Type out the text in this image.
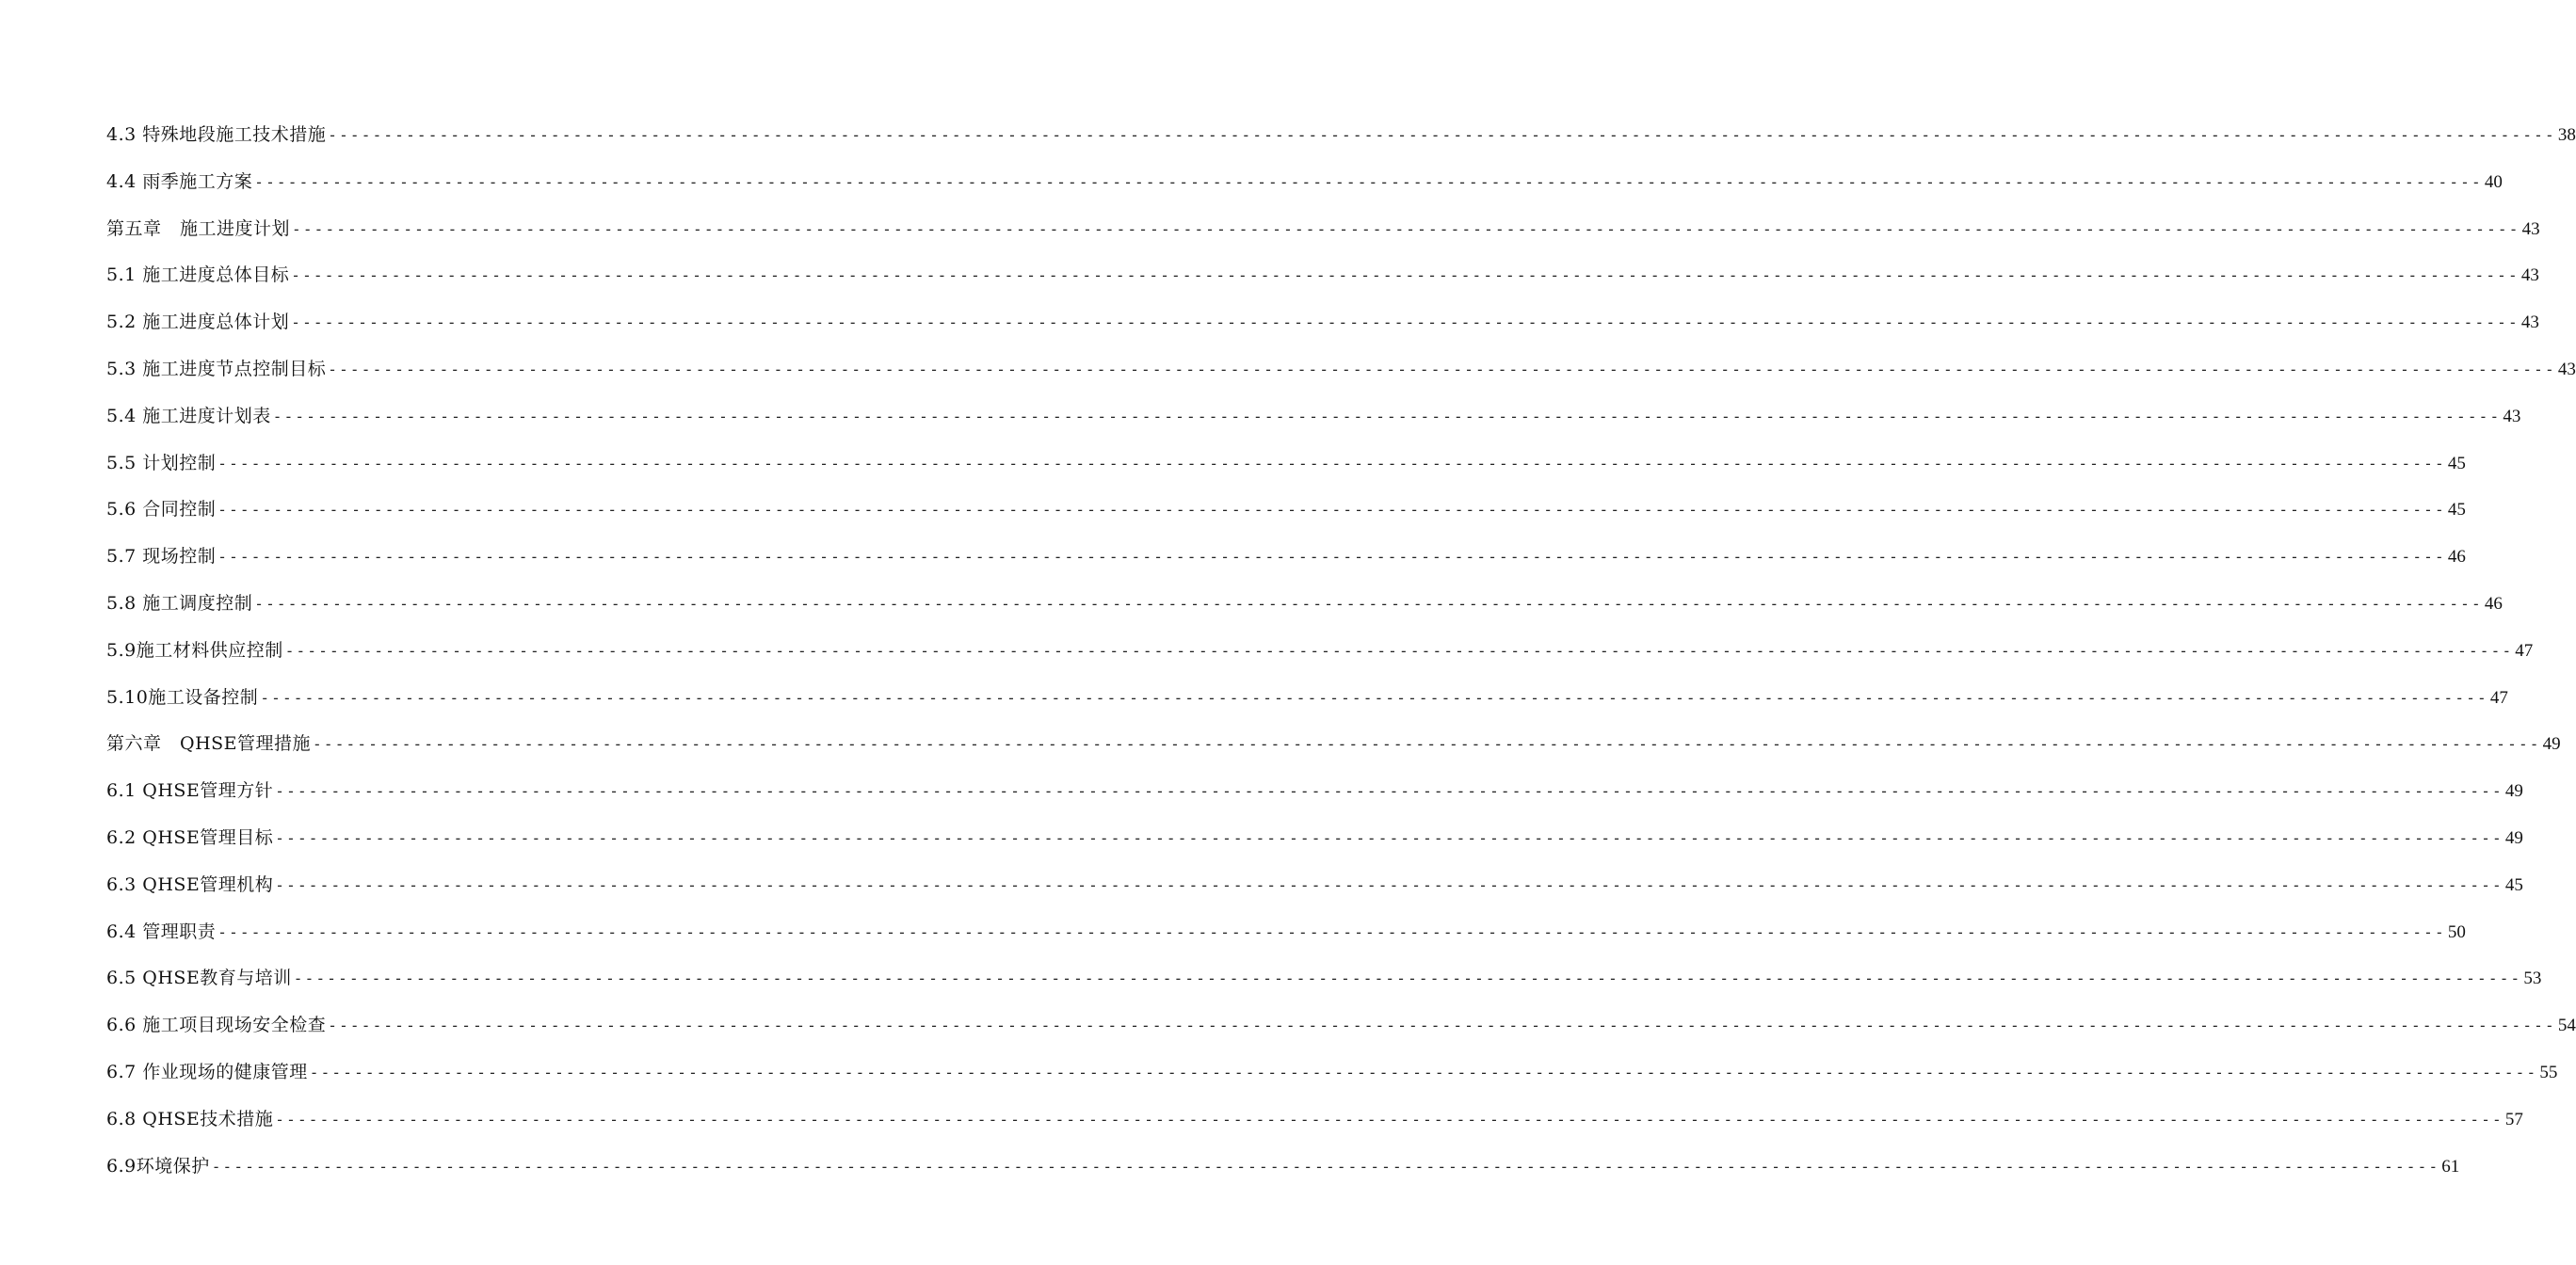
4.3 特殊地段施工技术措施 -------------------------------------------------------------------------------------------------------------------------------------------------------------------------------------------------------- 38
4.4 雨季施工方案 -------------------------------------------------------------------------------------------------------------------------------------------------------------------------------------------------------- 40
第五章　施工进度计划 -------------------------------------------------------------------------------------------------------------------------------------------------------------------------------------------------------- 43
5.1 施工进度总体目标 -------------------------------------------------------------------------------------------------------------------------------------------------------------------------------------------------------- 43
5.2 施工进度总体计划 -------------------------------------------------------------------------------------------------------------------------------------------------------------------------------------------------------- 43
5.3 施工进度节点控制目标 -------------------------------------------------------------------------------------------------------------------------------------------------------------------------------------------------------- 43
5.4 施工进度计划表 -------------------------------------------------------------------------------------------------------------------------------------------------------------------------------------------------------- 43
5.5 计划控制 -------------------------------------------------------------------------------------------------------------------------------------------------------------------------------------------------------- 45
5.6 合同控制 -------------------------------------------------------------------------------------------------------------------------------------------------------------------------------------------------------- 45
5.7 现场控制 -------------------------------------------------------------------------------------------------------------------------------------------------------------------------------------------------------- 46
5.8 施工调度控制 -------------------------------------------------------------------------------------------------------------------------------------------------------------------------------------------------------- 46
5.9施工材料供应控制 -------------------------------------------------------------------------------------------------------------------------------------------------------------------------------------------------------- 47
5.10施工设备控制 -------------------------------------------------------------------------------------------------------------------------------------------------------------------------------------------------------- 47
第六章　QHSE管理措施 -------------------------------------------------------------------------------------------------------------------------------------------------------------------------------------------------------- 49
6.1 QHSE管理方针 -------------------------------------------------------------------------------------------------------------------------------------------------------------------------------------------------------- 49
6.2 QHSE管理目标 -------------------------------------------------------------------------------------------------------------------------------------------------------------------------------------------------------- 49
6.3 QHSE管理机构 -------------------------------------------------------------------------------------------------------------------------------------------------------------------------------------------------------- 45
6.4 管理职责 -------------------------------------------------------------------------------------------------------------------------------------------------------------------------------------------------------- 50
6.5 QHSE教育与培训 -------------------------------------------------------------------------------------------------------------------------------------------------------------------------------------------------------- 53
6.6 施工项目现场安全检查 -------------------------------------------------------------------------------------------------------------------------------------------------------------------------------------------------------- 54
6.7 作业现场的健康管理 -------------------------------------------------------------------------------------------------------------------------------------------------------------------------------------------------------- 55
6.8 QHSE技术措施 -------------------------------------------------------------------------------------------------------------------------------------------------------------------------------------------------------- 57
6.9环境保护 -------------------------------------------------------------------------------------------------------------------------------------------------------------------------------------------------------- 61
